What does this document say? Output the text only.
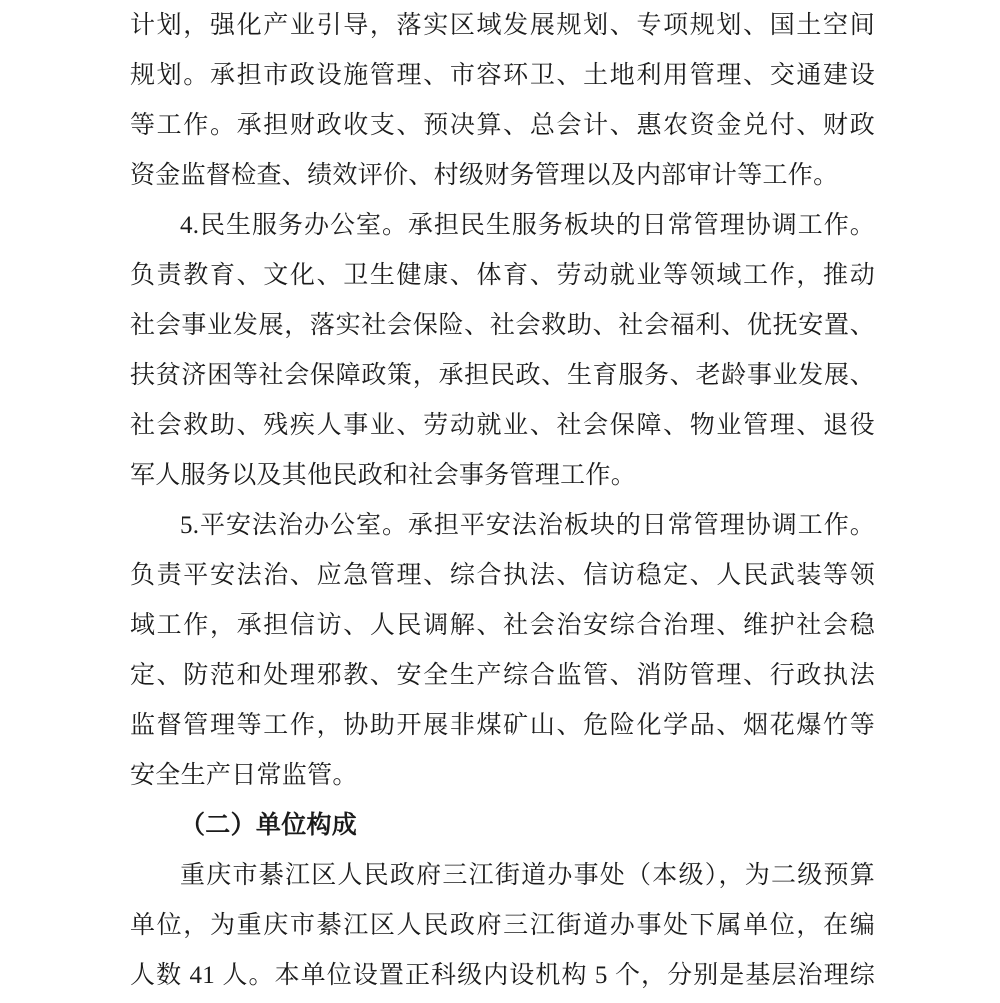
计划，强化产业引导，落实区域发展规划、专项规划、国土空间
规划。承担市政设施管理、市容环卫、土地利用管理、交通建设
等工作。承担财政收支、预决算、总会计、惠农资金兑付、财政
资金监督检查、绩效评价、村级财务管理以及内部审计等工作。
4.民生服务办公室。承担民生服务板块的日常管理协调工作。
负责教育、文化、卫生健康、体育、劳动就业等领域工作，推动
社会事业发展，落实社会保险、社会救助、社会福利、优抚安置、
扶贫济困等社会保障政策，承担民政、生育服务、老龄事业发展、
社会救助、残疾人事业、劳动就业、社会保障、物业管理、退役
军人服务以及其他民政和社会事务管理工作。
5.平安法治办公室。承担平安法治板块的日常管理协调工作。
负责平安法治、应急管理、综合执法、信访稳定、人民武装等领
域工作，承担信访、人民调解、社会治安综合治理、维护社会稳
定、防范和处理邪教、安全生产综合监管、消防管理、行政执法
监督管理等工作，协助开展非煤矿山、危险化学品、烟花爆竹等
安全生产日常监管。
（二）单位构成
重庆市綦江区人民政府三江街道办事处（本级），为二级预算
单位，为重庆市綦江区人民政府三江街道办事处下属单位，在编
人数 41 人。本单位设置正科级内设机构 5 个，分别是基层治理综
